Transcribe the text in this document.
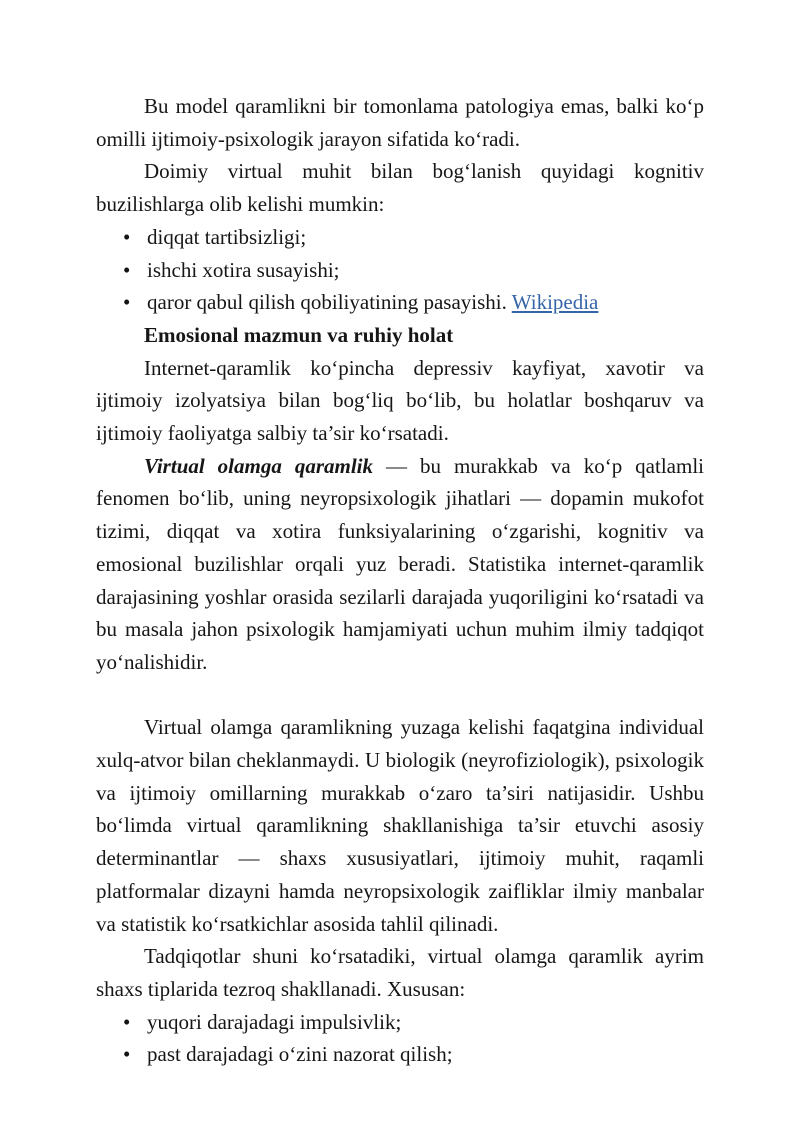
Bu model qaramlikni bir tomonlama patologiya emas, balki ko‘p omilli ijtimoiy-psixologik jarayon sifatida ko‘radi.

Doimiy virtual muhit bilan bog‘lanish quyidagi kognitiv buzilishlarga olib kelishi mumkin:

• diqqat tartibsizligi;
• ishchi xotira susayishi;
• qaror qabul qilish qobiliyatining pasayishi. Wikipedia

Emosional mazmun va ruhiy holat

Internet-qaramlik ko‘pincha depressiv kayfiyat, xavotir va ijtimoiy izolyatsiya bilan bog‘liq bo‘lib, bu holatlar boshqaruv va ijtimoiy faoliyatga salbiy ta’sir ko‘rsatadi.

Virtual olamga qaramlik — bu murakkab va ko‘p qatlamli fenomen bo‘lib, uning neyropsixologik jihatlari — dopamin mukofot tizimi, diqqat va xotira funksiyalarining o‘zgarishi, kognitiv va emosional buzilishlar orqali yuz beradi. Statistika internet-qaramlik darajasining yoshlar orasida sezilarli darajada yuqoriligini ko‘rsatadi va bu masala jahon psixologik hamjamiyati uchun muhim ilmiy tadqiqot yo‘nalishidir.

Virtual olamga qaramlikning yuzaga kelishi faqatgina individual xulq-atvor bilan cheklanmaydi. U biologik (neyrofiziologik), psixologik va ijtimoiy omillarning murakkab o‘zaro ta’siri natijasidir. Ushbu bo‘limda virtual qaramlikning shakllanishiga ta’sir etuvchi asosiy determinantlar — shaxs xususiyatlari, ijtimoiy muhit, raqamli platformalar dizayni hamda neyropsixologik zaifliklar ilmiy manbalar va statistik ko‘rsatkichlar asosida tahlil qilinadi.

Tadqiqotlar shuni ko‘rsatadiki, virtual olamga qaramlik ayrim shaxs tiplarida tezroq shakllanadi. Xususan:

• yuqori darajadagi impulsivlik;
• past darajadagi o‘zini nazorat qilish;
